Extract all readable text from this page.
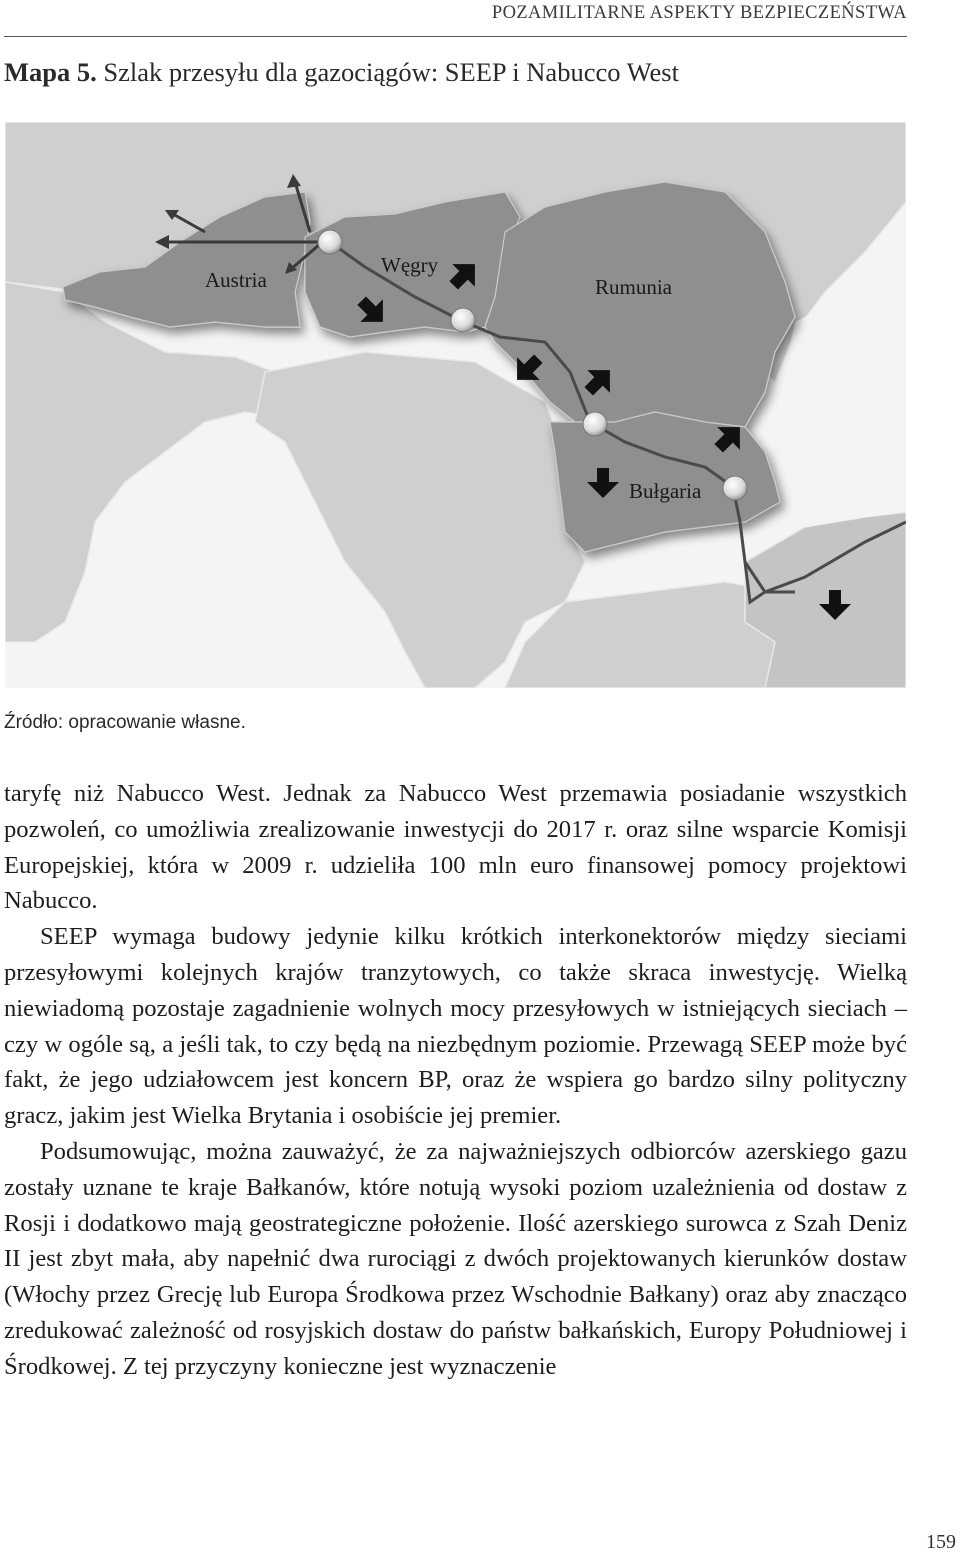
POZAMILITARNE ASPEKTY BEZPIECZEŃSTWA
Mapa 5. Szlak przesyłu dla gazociągów: SEEP i Nabucco West
Austria
Węgry
Rumunia
Bułgaria
Źródło: opracowanie własne.

taryfę niż Nabucco West. Jednak za Nabucco West przemawia posiadanie wszystkich pozwoleń, co umożliwia zrealizowanie inwestycji do 2017 r. oraz silne wsparcie Komisji Europejskiej, która w 2009 r. udzieliła 100 mln euro finansowej pomocy projektowi Nabucco.

SEEP wymaga budowy jedynie kilku krótkich interkonektorów między sieciami przesyłowymi kolejnych krajów tranzytowych, co także skraca inwestycję. Wielką niewiadomą pozostaje zagadnienie wolnych mocy przesyłowych w istniejących sieciach – czy w ogóle są, a jeśli tak, to czy będą na niezbędnym poziomie. Przewagą SEEP może być fakt, że jego udziałowcem jest koncern BP, oraz że wspiera go bardzo silny polityczny gracz, jakim jest Wielka Brytania i osobiście jej premier.

Podsumowując, można zauważyć, że za najważniejszych odbiorców azerskiego gazu zostały uznane te kraje Bałkanów, które notują wysoki poziom uzależnienia od dostaw z Rosji i dodatkowo mają geostrategiczne położenie. Ilość azerskiego surowca z Szah Deniz II jest zbyt mała, aby napełnić dwa rurociągi z dwóch projektowanych kierunków dostaw (Włochy przez Grecję lub Europa Środkowa przez Wschodnie Bałkany) oraz aby znacząco zredukować zależność od rosyjskich dostaw do państw bałkańskich, Europy Południowej i Środkowej. Z tej przyczyny konieczne jest wyznaczenie

159
